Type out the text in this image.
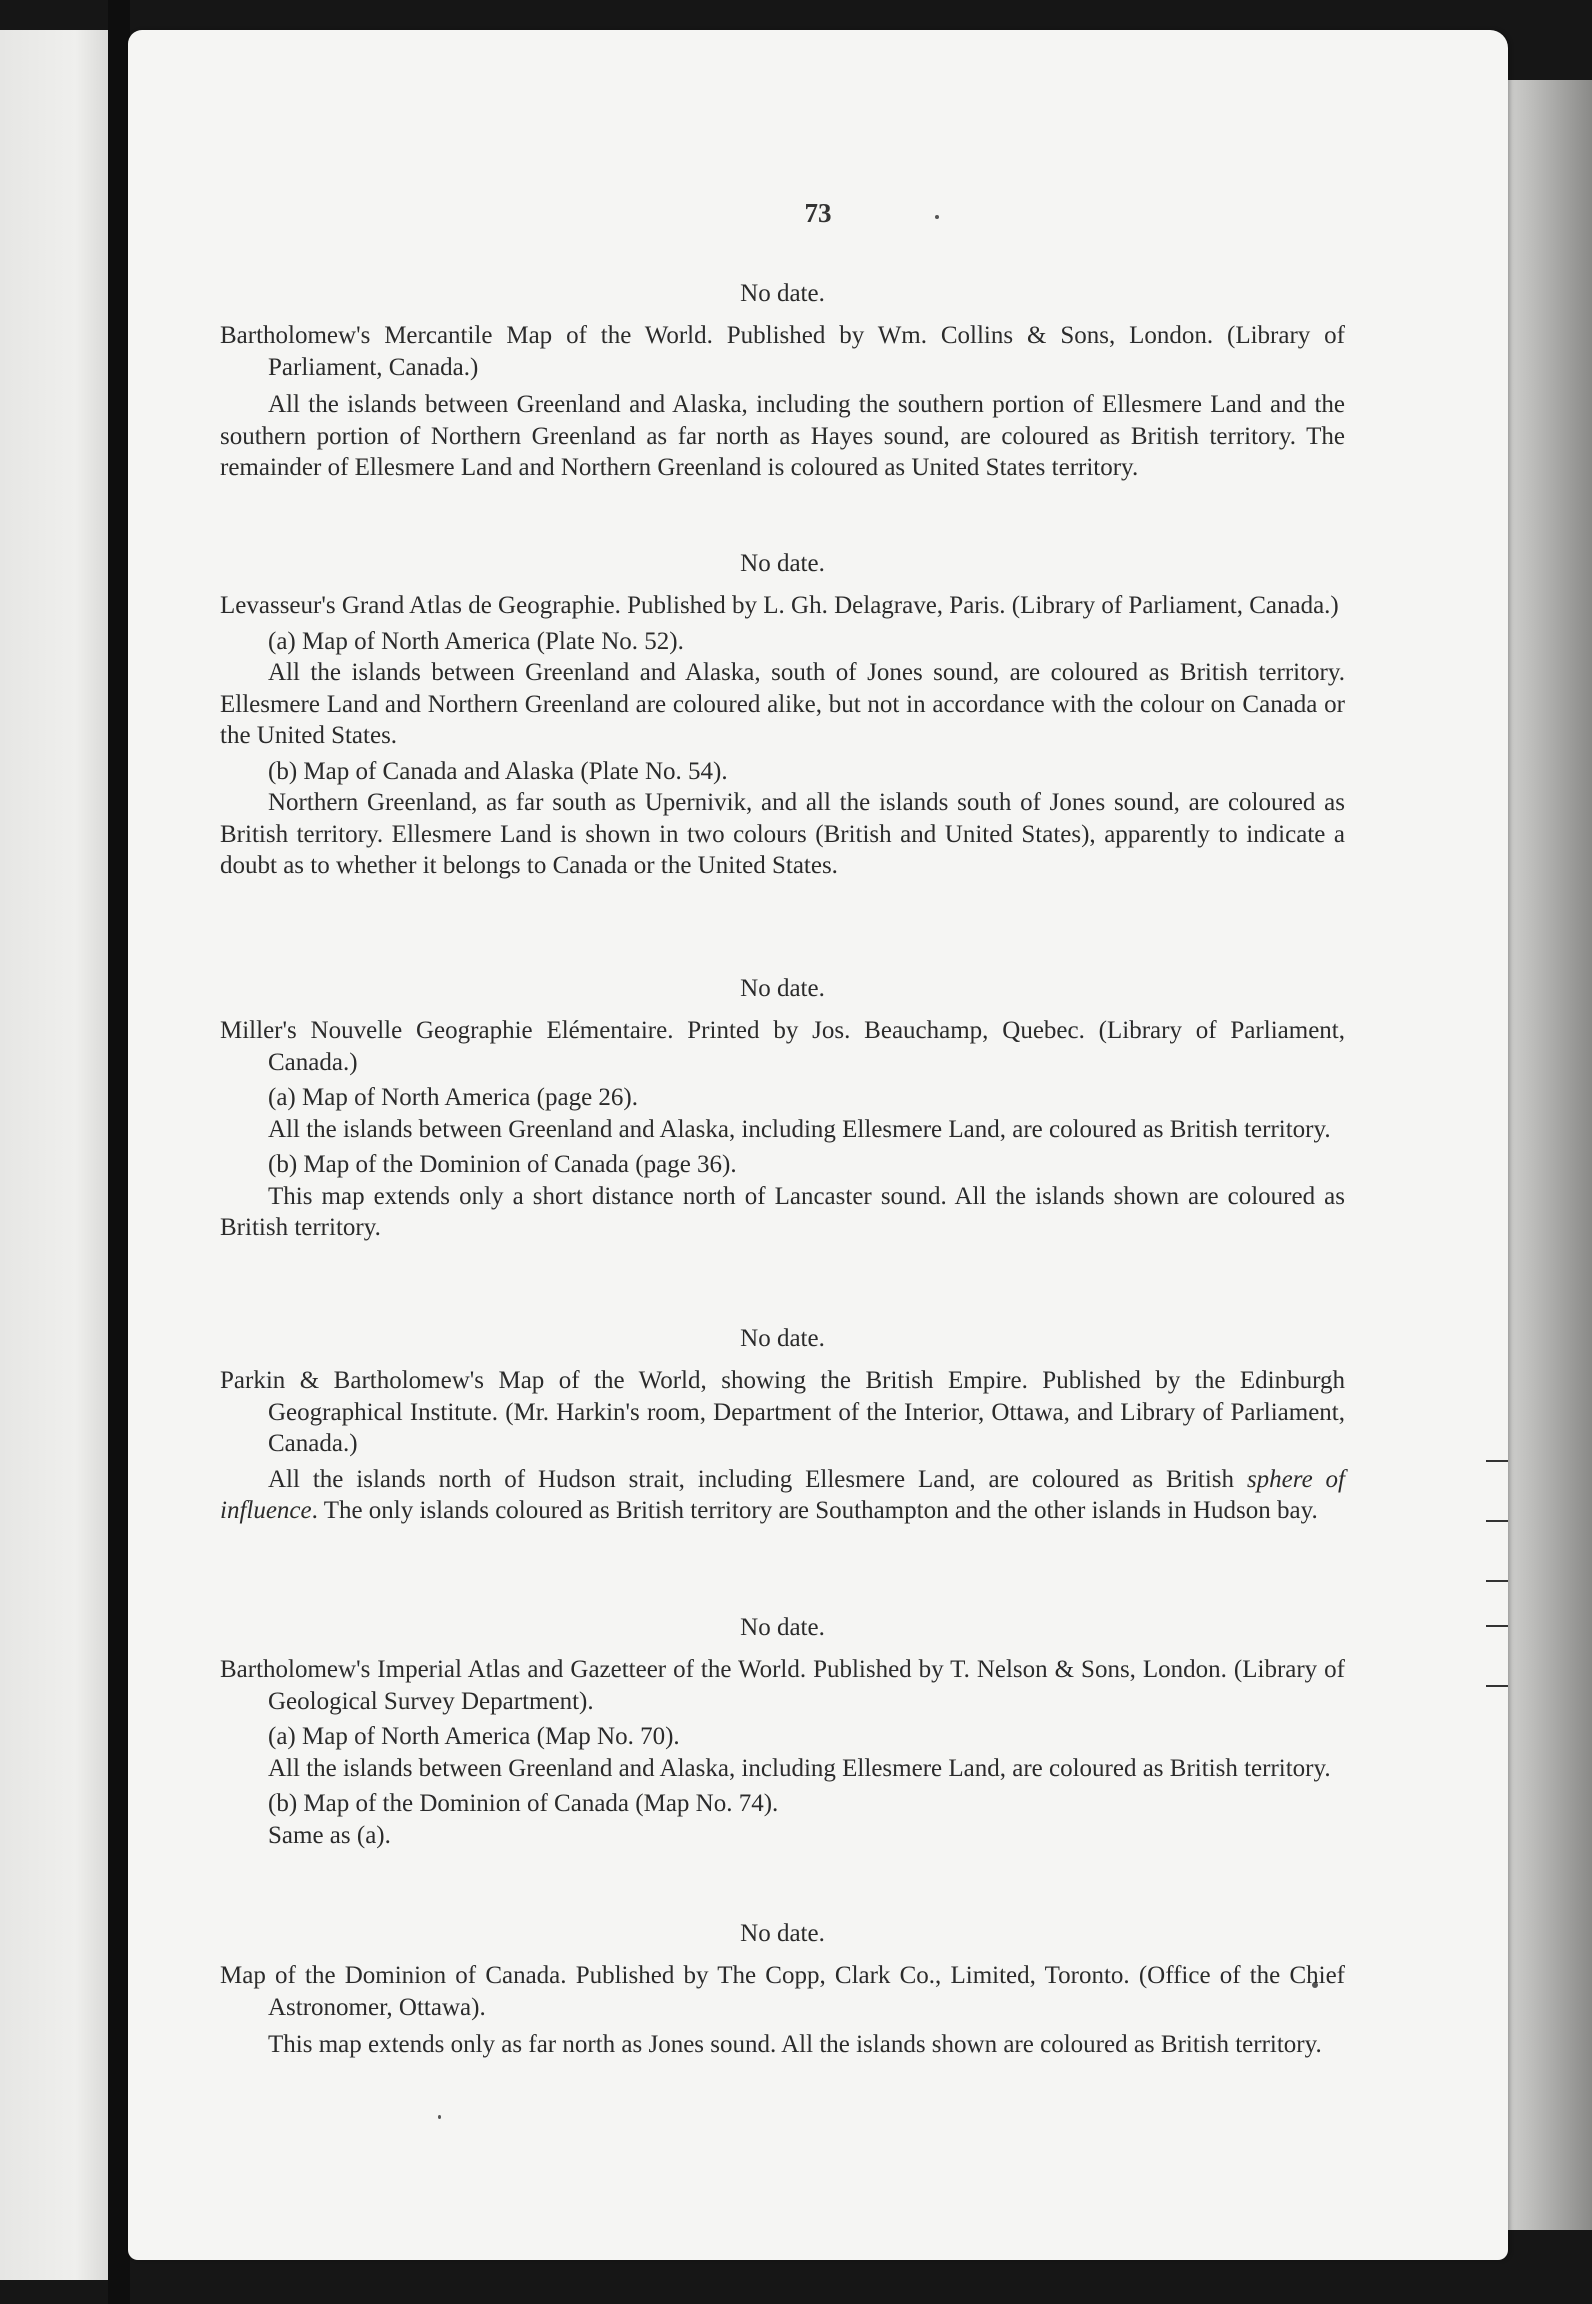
73
No date.

Bartholomew's Mercantile Map of the World. Published by Wm. Collins & Sons, London. (Library of Parliament, Canada.)

All the islands between Greenland and Alaska, including the southern portion of Ellesmere Land and the southern portion of Northern Greenland as far north as Hayes sound, are coloured as British territory. The remainder of Ellesmere Land and Northern Greenland is coloured as United States territory.

No date.

Levasseur's Grand Atlas de Geographie. Published by L. Gh. Delagrave, Paris. (Library of Parliament, Canada.)

(a) Map of North America (Plate No. 52).

All the islands between Greenland and Alaska, south of Jones sound, are coloured as British territory. Ellesmere Land and Northern Greenland are coloured alike, but not in accordance with the colour on Canada or the United States.

(b) Map of Canada and Alaska (Plate No. 54).

Northern Greenland, as far south as Upernivik, and all the islands south of Jones sound, are coloured as British territory. Ellesmere Land is shown in two colours (British and United States), apparently to indicate a doubt as to whether it belongs to Canada or the United States.

No date.

Miller's Nouvelle Geographie Elémentaire. Printed by Jos. Beauchamp, Quebec. (Library of Parliament, Canada.)

(a) Map of North America (page 26).

All the islands between Greenland and Alaska, including Ellesmere Land, are coloured as British territory.

(b) Map of the Dominion of Canada (page 36).

This map extends only a short distance north of Lancaster sound. All the islands shown are coloured as British territory.

No date.

Parkin & Bartholomew's Map of the World, showing the British Empire. Published by the Edinburgh Geographical Institute. (Mr. Harkin's room, Department of the Interior, Ottawa, and Library of Parliament, Canada.)

All the islands north of Hudson strait, including Ellesmere Land, are coloured as British sphere of influence. The only islands coloured as British territory are Southampton and the other islands in Hudson bay.

No date.

Bartholomew's Imperial Atlas and Gazetteer of the World. Published by T. Nelson & Sons, London. (Library of Geological Survey Department).

(a) Map of North America (Map No. 70).

All the islands between Greenland and Alaska, including Ellesmere Land, are coloured as British territory.

(b) Map of the Dominion of Canada (Map No. 74).

Same as (a).

No date.

Map of the Dominion of Canada. Published by The Copp, Clark Co., Limited, Toronto. (Office of the Chief Astronomer, Ottawa).

This map extends only as far north as Jones sound. All the islands shown are coloured as British territory.
